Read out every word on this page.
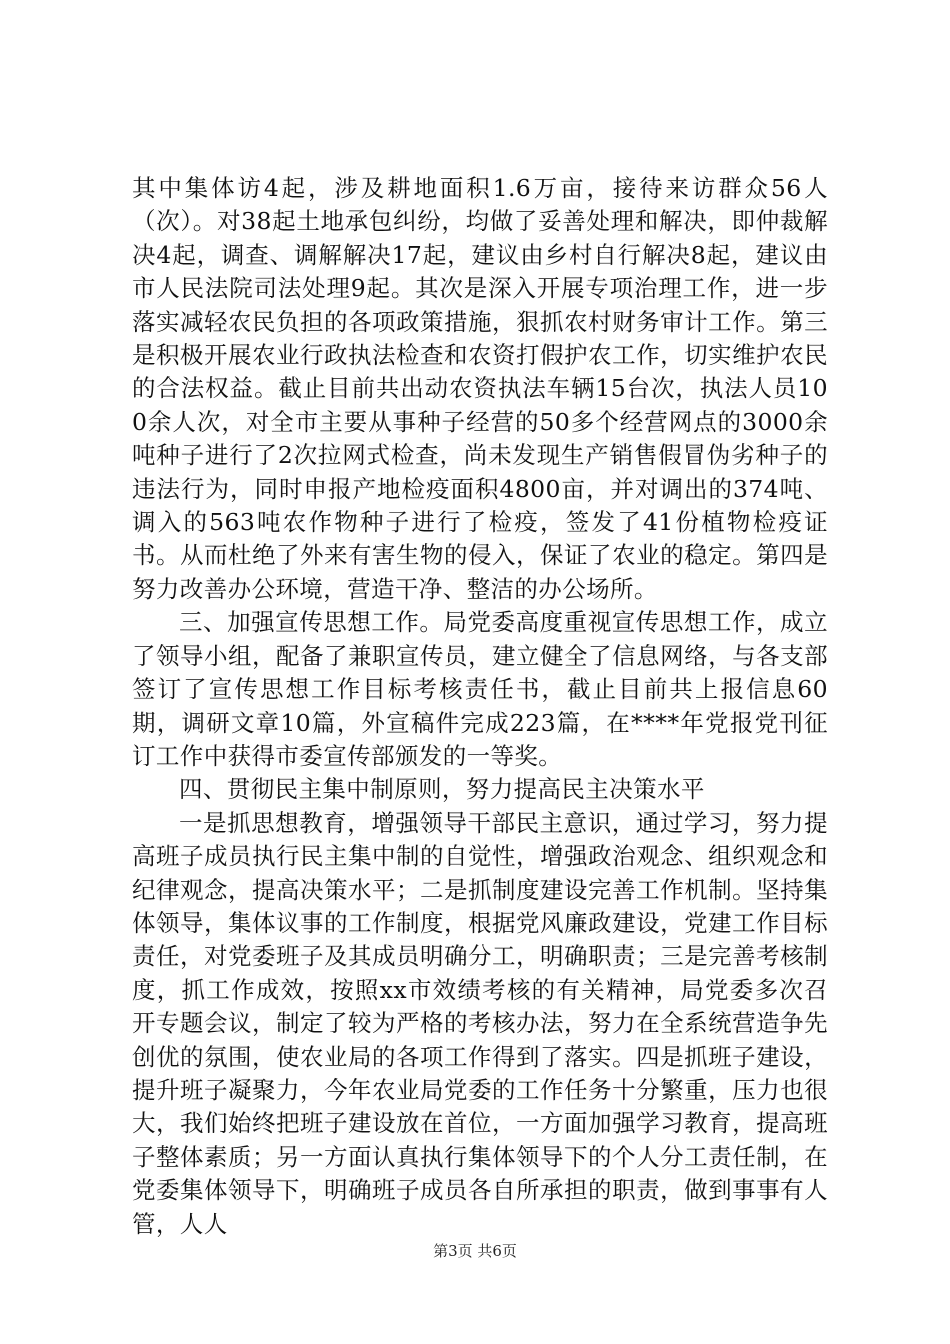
其中集体访4起，涉及耕地面积1.6万亩，接待来访群众56人（次）。对38起土地承包纠纷，均做了妥善处理和解决，即仲裁解决4起，调查、调解解决17起，建议由乡村自行解决8起，建议由市人民法院司法处理9起。其次是深入开展专项治理工作，进一步落实减轻农民负担的各项政策措施，狠抓农村财务审计工作。第三是积极开展农业行政执法检查和农资打假护农工作，切实维护农民的合法权益。截止目前共出动农资执法车辆15台次，执法人员100余人次，对全市主要从事种子经营的50多个经营网点的3000余吨种子进行了2次拉网式检查，尚未发现生产销售假冒伪劣种子的违法行为，同时申报产地检疫面积4800亩，并对调出的374吨、调入的563吨农作物种子进行了检疫，签发了41份植物检疫证书。从而杜绝了外来有害生物的侵入，保证了农业的稳定。第四是努力改善办公环境，营造干净、整洁的办公场所。

三、加强宣传思想工作。局党委高度重视宣传思想工作，成立了领导小组，配备了兼职宣传员，建立健全了信息网络，与各支部签订了宣传思想工作目标考核责任书，截止目前共上报信息60期，调研文章10篇，外宣稿件完成223篇，在****年党报党刊征订工作中获得市委宣传部颁发的一等奖。

四、贯彻民主集中制原则，努力提高民主决策水平

一是抓思想教育，增强领导干部民主意识，通过学习，努力提高班子成员执行民主集中制的自觉性，增强政治观念、组织观念和纪律观念，提高决策水平；二是抓制度建设完善工作机制。坚持集体领导，集体议事的工作制度，根据党风廉政建设，党建工作目标责任，对党委班子及其成员明确分工，明确职责；三是完善考核制度，抓工作成效，按照xx市效绩考核的有关精神，局党委多次召开专题会议，制定了较为严格的考核办法，努力在全系统营造争先创优的氛围，使农业局的各项工作得到了落实。四是抓班子建设，提升班子凝聚力，今年农业局党委的工作任务十分繁重，压力也很大，我们始终把班子建设放在首位，一方面加强学习教育，提高班子整体素质；另一方面认真执行集体领导下的个人分工责任制，在党委集体领导下，明确班子成员各自所承担的职责，做到事事有人管，人人

第3页 共6页
